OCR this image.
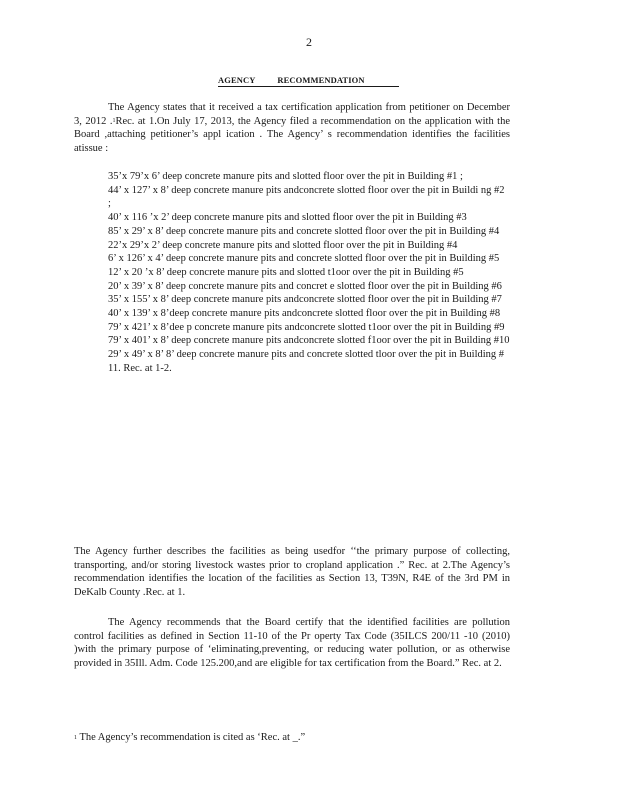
2
AGENCY          RECOMMENDATION

The Agency states that it received a tax certification application from petitioner on December 3, 2012 .$^1$Rec. at 1.On July 17, 2013, the Agency filed a recommendation on the application with the Board ,attaching petitioner’s appl ication . The Agency’ s recommendation identifies the facilities atissue :

35’x 79’x 6’ deep concrete manure pits and slotted floor over the pit in Building #1 ;
44’ x 127’ x 8’ deep concrete manure pits andconcrete slotted floor over the pit in Buildi ng #2 ;
40’ x 116 ’x 2’ deep concrete manure pits and slotted floor over the pit in Building #3
85’ x 29’ x 8’ deep concrete manure pits and concrete slotted floor over the pit in Building #4
22’x 29’x 2’ deep concrete manure pits and slotted floor over the pit in Building #4
6’ x 126’ x 4’ deep concrete manure pits and concrete slotted floor over the pit in Building #5
12’ x 20 ’x 8’ deep concrete manure pits and slotted t1oor over the pit in Building #5
20’ x 39’ x 8’ deep concrete manure pits and concret e slotted floor over the pit in Building #6
35’ x 155’ x 8’ deep concrete manure pits andconcrete slotted floor over the pit in Building #7
40’ x 139’ x 8’deep concrete manure pits andconcrete slotted floor over the pit in Building #8
79’ x 421’ x 8’dee p concrete manure pits andconcrete slotted t1oor over the pit in Building #9
79’ x 401’ x 8’ deep concrete manure pits andconcrete slotted f1oor over the pit in Building #10
29’ x 49’ x 8’ 8’ deep concrete manure pits and concrete slotted tloor over the pit in Building # 11. Rec. at 1-2.

The Agency further describes the facilities as being usedfor ‘‘the primary purpose of collecting, transporting, and/or storing livestock wastes prior to cropland application .” Rec. at 2.The Agency’s recommendation identifies the location of the facilities as Section 13, T39N, R4E of the 3rd PM in DeKalb County .Rec. at 1.

The Agency recommends that the Board certify that the identified facilities are pollution control facilities as defined in Section 11-10 of the Pr operty Tax Code (35ILCS 200/11 -10 (2010) )with the primary purpose of ‘eliminating,preventing, or reducing water pollution, or as otherwise provided in 35Ill. Adm. Code 125.200,and are eligible for tax certification from the Board.” Rec. at 2.

$^1$ The Agency’s recommendation is cited as ‘Rec. at _.”
